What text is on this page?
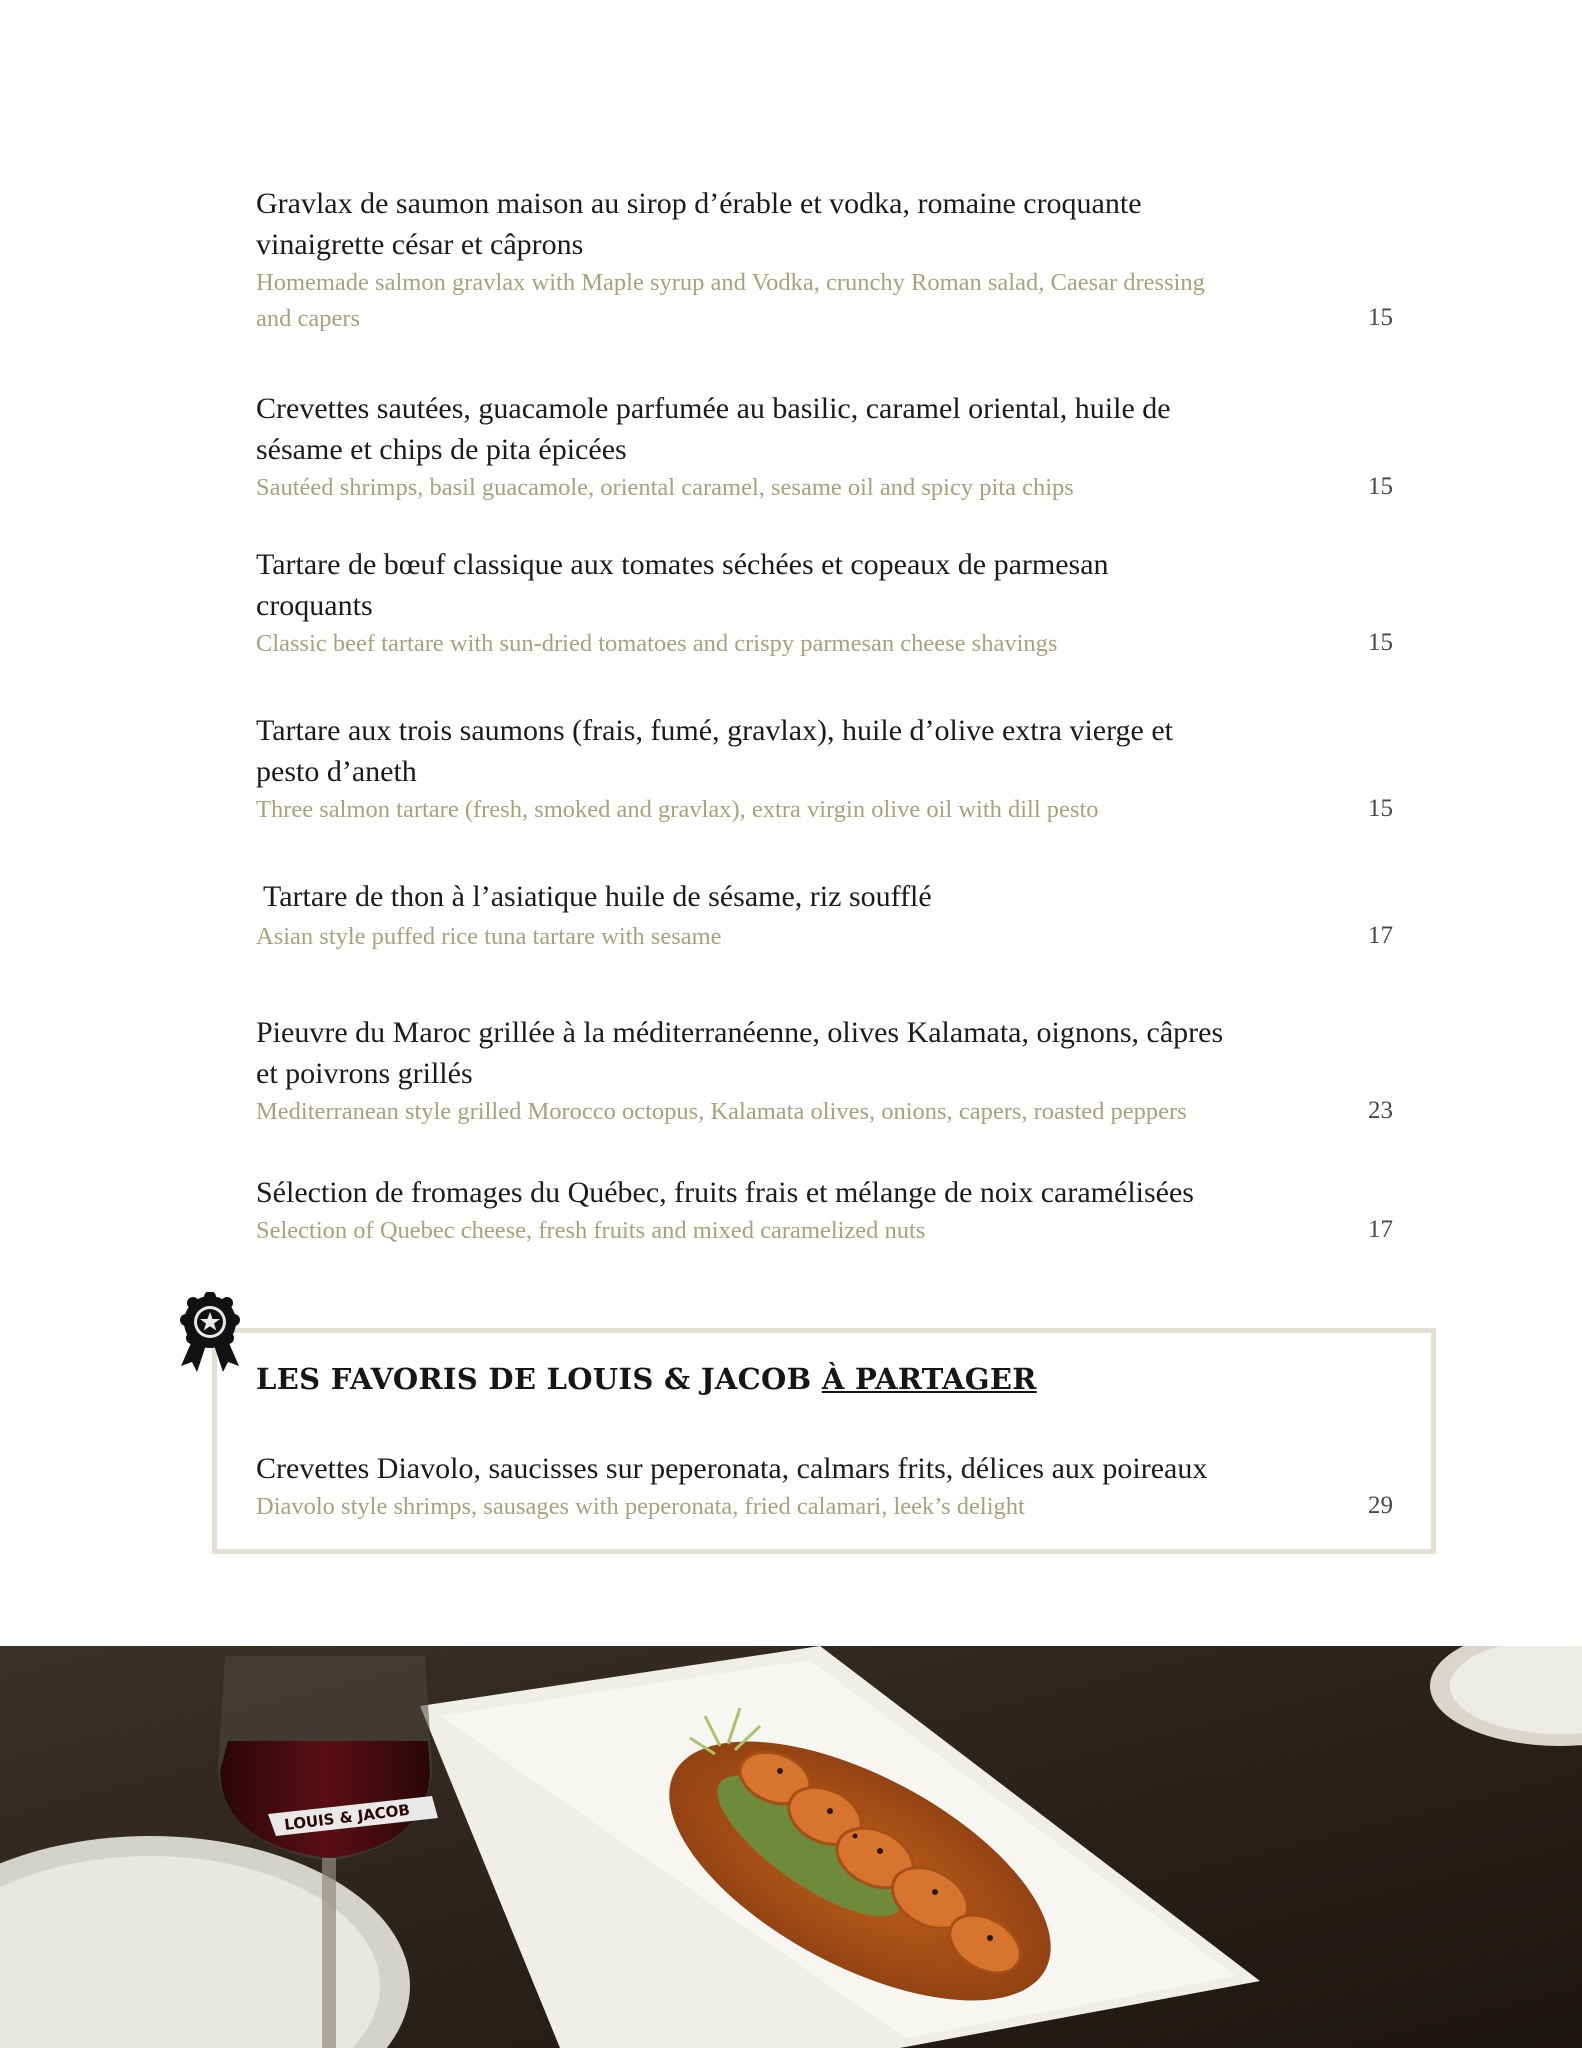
Gravlax de saumon maison au sirop d’érable et vodka, romaine croquante
vinaigrette césar et câprons
Homemade salmon gravlax with Maple syrup and Vodka, crunchy Roman salad, Caesar dressing
and capers	15
Crevettes sautées, guacamole parfumée au basilic, caramel oriental, huile de
sésame et chips de pita épicées
Sautéed shrimps, basil guacamole, oriental caramel, sesame oil and spicy pita chips	15
Tartare de bœuf classique aux tomates séchées et copeaux de parmesan
croquants
Classic beef tartare with sun-dried tomatoes and crispy parmesan cheese shavings	15
Tartare aux trois saumons (frais, fumé, gravlax), huile d’olive extra vierge et
pesto d’aneth
Three salmon tartare (fresh, smoked and gravlax), extra virgin olive oil with dill pesto	15
Tartare de thon à l’asiatique huile de sésame, riz soufflé
Asian style puffed rice tuna tartare with sesame	17
Pieuvre du Maroc grillée à la méditerranéenne, olives Kalamata, oignons, câpres
et poivrons grillés
Mediterranean style grilled Morocco octopus, Kalamata olives, onions, capers, roasted peppers	23
Sélection de fromages du Québec, fruits frais et mélange de noix caramélisées
Selection of Quebec cheese, fresh fruits and mixed caramelized nuts	17
LES FAVORIS DE LOUIS & JACOB À PARTAGER
Crevettes Diavolo, saucisses sur peperonata, calmars frits, délices aux poireaux
Diavolo style shrimps, sausages with peperonata, fried calamari, leek’s delight	29
LOUIS & JACOB
